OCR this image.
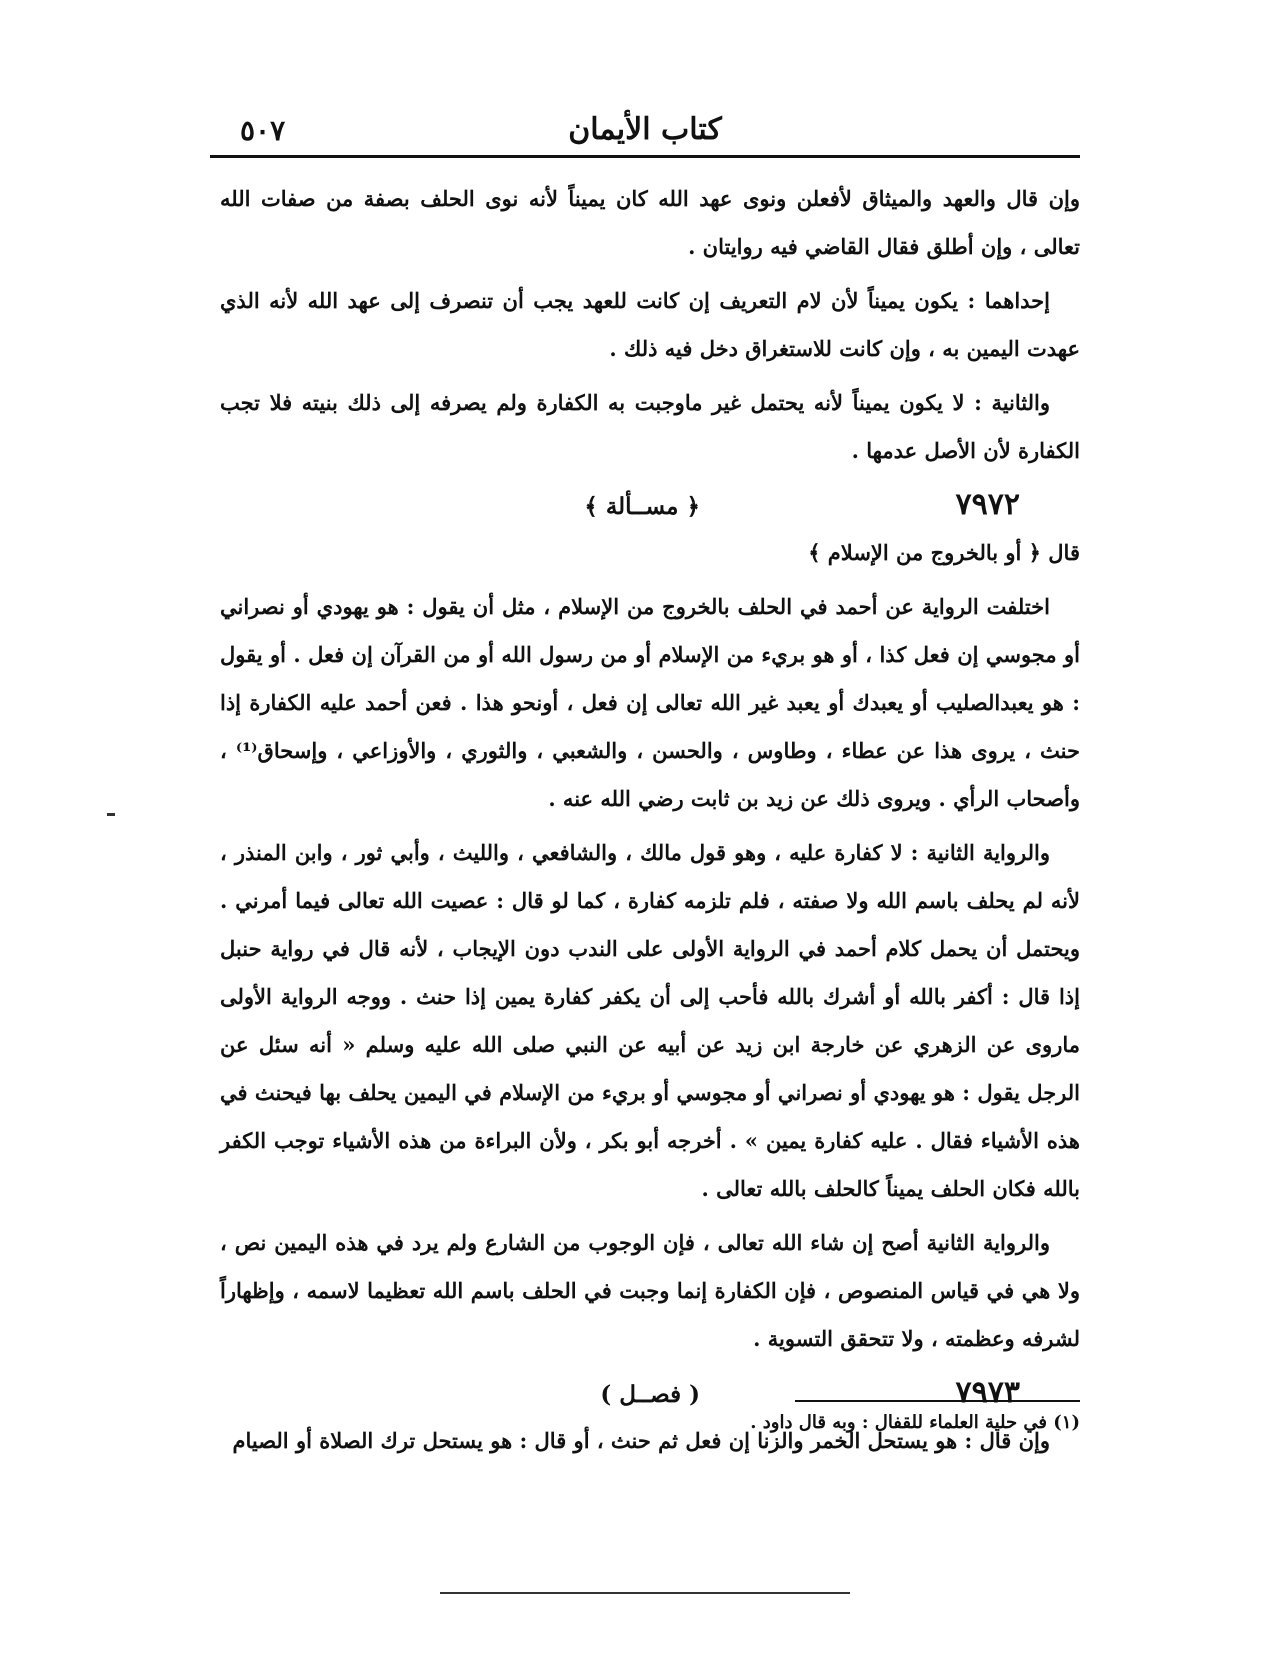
كتاب الأيمان
٥٠٧

وإن قال والعهد والميثاق لأفعلن ونوى عهد الله كان يميناً لأنه نوى الحلف بصفة من صفات الله تعالى ، وإن أطلق فقال القاضي فيه روايتان .

إحداهما : يكون يميناً لأن لام التعريف إن كانت للعهد يجب أن تنصرف إلى عهد الله لأنه الذي عهدت اليمين به ، وإن كانت للاستغراق دخل فيه ذلك .

والثانية : لا يكون يميناً لأنه يحتمل غير ماوجبت به الكفارة ولم يصرفه إلى ذلك بنيته فلا تجب الكفارة لأن الأصل عدمها .

٧٩٧٢
﴿ مســألة ﴾

قال ﴿ أو بالخروج من الإسلام ﴾

اختلفت الرواية عن أحمد في الحلف بالخروج من الإسلام ، مثل أن يقول : هو يهودي أو نصراني أو مجوسي إن فعل كذا ، أو هو بريء من الإسلام أو من رسول الله أو من القرآن إن فعل . أو يقول : هو يعبدالصليب أو يعبدك أو يعبد غير الله تعالى إن فعل ، أونحو هذا . فعن أحمد عليه الكفارة إذا حنث ، يروى هذا عن عطاء ، وطاوس ، والحسن ، والشعبي ، والثوري ، والأوزاعي ، وإسحاق⁽¹⁾ ، وأصحاب الرأي . ويروى ذلك عن زيد بن ثابت رضي الله عنه .

والرواية الثانية : لا كفارة عليه ، وهو قول مالك ، والشافعي ، والليث ، وأبي ثور ، وابن المنذر ، لأنه لم يحلف باسم الله ولا صفته ، فلم تلزمه كفارة ، كما لو قال : عصيت الله تعالى فيما أمرني . ويحتمل أن يحمل كلام أحمد في الرواية الأولى على الندب دون الإيجاب ، لأنه قال في رواية حنبل إذا قال : أكفر بالله أو أشرك بالله فأحب إلى أن يكفر كفارة يمين إذا حنث . ووجه الرواية الأولى ماروى عن الزهري عن خارجة ابن زيد عن أبيه عن النبي صلى الله عليه وسلم « أنه سئل عن الرجل يقول : هو يهودي أو نصراني أو مجوسي أو بريء من الإسلام في اليمين يحلف بها فيحنث في هذه الأشياء فقال . عليه كفارة يمين » . أخرجه أبو بكر ، ولأن البراءة من هذه الأشياء توجب الكفر بالله فكان الحلف يميناً كالحلف بالله تعالى .

والرواية الثانية أصح إن شاء الله تعالى ، فإن الوجوب من الشارع ولم يرد في هذه اليمين نص ، ولا هي في قياس المنصوص ، فإن الكفارة إنما وجبت في الحلف باسم الله تعظيما لاسمه ، وإظهاراً لشرفه وعظمته ، ولا تتحقق التسوية .

٧٩٧٣
( فصــل )

وإن قال : هو يستحل الخمر والزنا إن فعل ثم حنث ، أو قال : هو يستحل ترك الصلاة أو الصيام

(١) في حلية العلماء للقفال : وبه قال داود .
